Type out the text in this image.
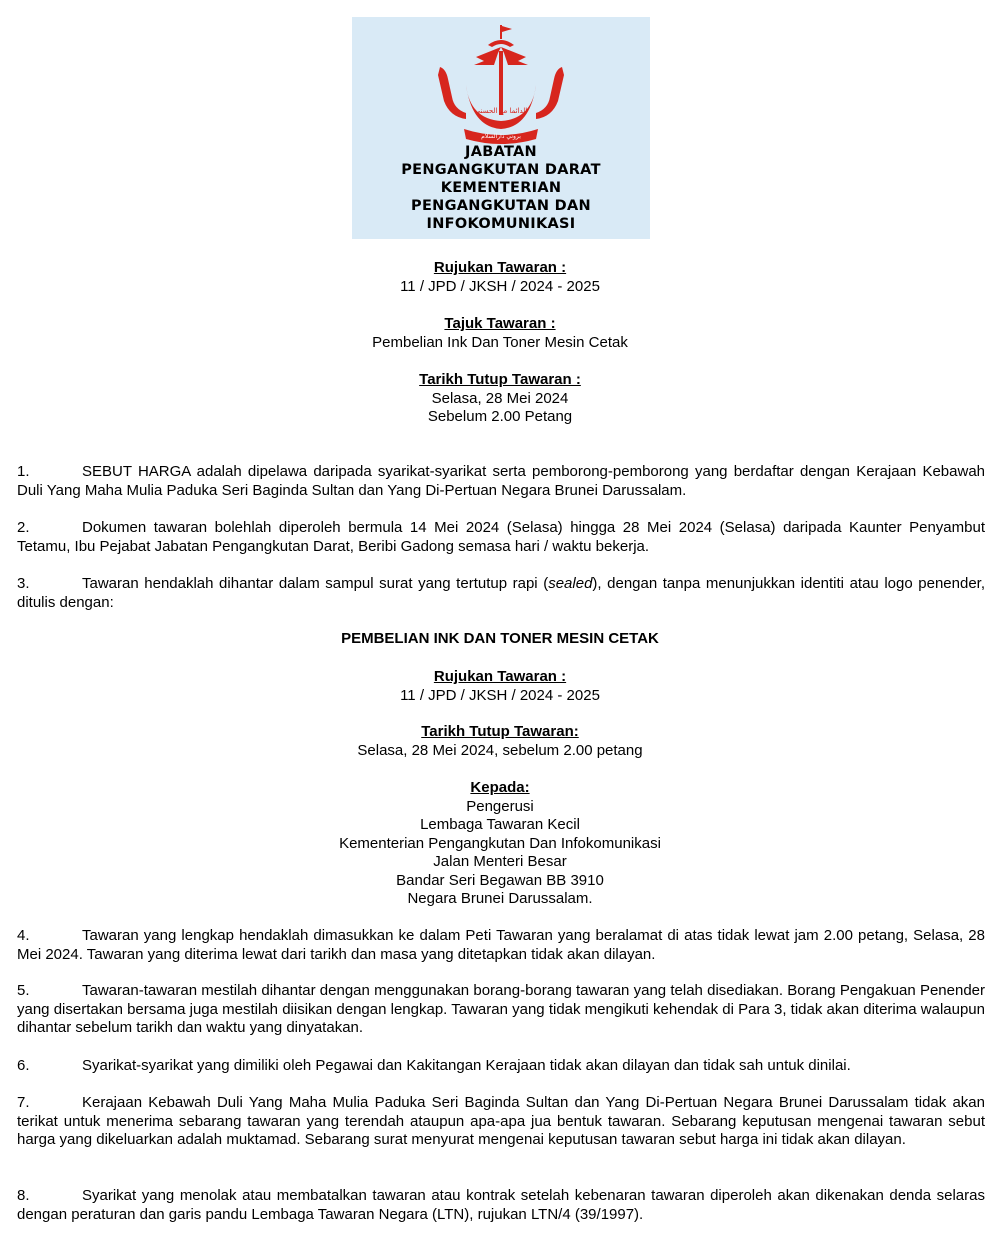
الدائما مع الحسنى
بروني دارالسلام
JABATAN
PENGANGKUTAN DARAT
KEMENTERIAN
PENGANGKUTAN DAN
INFOKOMUNIKASI
Rujukan Tawaran :
11 / JPD / JKSH / 2024 - 2025
Tajuk Tawaran :
Pembelian Ink Dan Toner Mesin Cetak
Tarikh Tutup Tawaran :
Selasa, 28 Mei 2024
Sebelum 2.00 Petang
1.	SEBUT HARGA adalah dipelawa daripada syarikat-syarikat serta pemborong-pemborong yang berdaftar dengan Kerajaan Kebawah Duli Yang Maha Mulia Paduka Seri Baginda Sultan dan Yang Di-Pertuan Negara Brunei Darussalam.
2.	Dokumen tawaran bolehlah diperoleh bermula 14 Mei 2024 (Selasa) hingga 28 Mei 2024 (Selasa) daripada Kaunter Penyambut Tetamu, Ibu Pejabat Jabatan Pengangkutan Darat, Beribi Gadong semasa hari / waktu bekerja.
3.	Tawaran hendaklah dihantar dalam sampul surat yang tertutup rapi (sealed), dengan tanpa menunjukkan identiti atau logo penender, ditulis dengan:
PEMBELIAN INK DAN TONER MESIN CETAK
Rujukan Tawaran :
11 / JPD / JKSH / 2024 - 2025
Tarikh Tutup Tawaran:
Selasa, 28 Mei 2024, sebelum 2.00 petang
Kepada:
Pengerusi
Lembaga Tawaran Kecil
Kementerian Pengangkutan Dan Infokomunikasi
Jalan Menteri Besar
Bandar Seri Begawan BB 3910
Negara Brunei Darussalam.
4.	Tawaran yang lengkap hendaklah dimasukkan ke dalam Peti Tawaran yang beralamat di atas tidak lewat jam 2.00 petang, Selasa, 28 Mei 2024. Tawaran yang diterima lewat dari tarikh dan masa yang ditetapkan tidak akan dilayan.
5.	Tawaran-tawaran mestilah dihantar dengan menggunakan borang-borang tawaran yang telah disediakan. Borang Pengakuan Penender yang disertakan bersama juga mestilah diisikan dengan lengkap. Tawaran yang tidak mengikuti kehendak di Para 3, tidak akan diterima walaupun dihantar sebelum tarikh dan waktu yang dinyatakan.
6.	Syarikat-syarikat yang dimiliki oleh Pegawai dan Kakitangan Kerajaan tidak akan dilayan dan tidak sah untuk dinilai.
7.	Kerajaan Kebawah Duli Yang Maha Mulia Paduka Seri Baginda Sultan dan Yang Di-Pertuan Negara Brunei Darussalam tidak akan terikat untuk menerima sebarang tawaran yang terendah ataupun apa-apa jua bentuk tawaran. Sebarang keputusan mengenai tawaran sebut harga yang dikeluarkan adalah muktamad. Sebarang surat menyurat mengenai keputusan tawaran sebut harga ini tidak akan dilayan.
8.	Syarikat yang menolak atau membatalkan tawaran atau kontrak setelah kebenaran tawaran diperoleh akan dikenakan denda selaras dengan peraturan dan garis pandu Lembaga Tawaran Negara (LTN), rujukan LTN/4 (39/1997).
